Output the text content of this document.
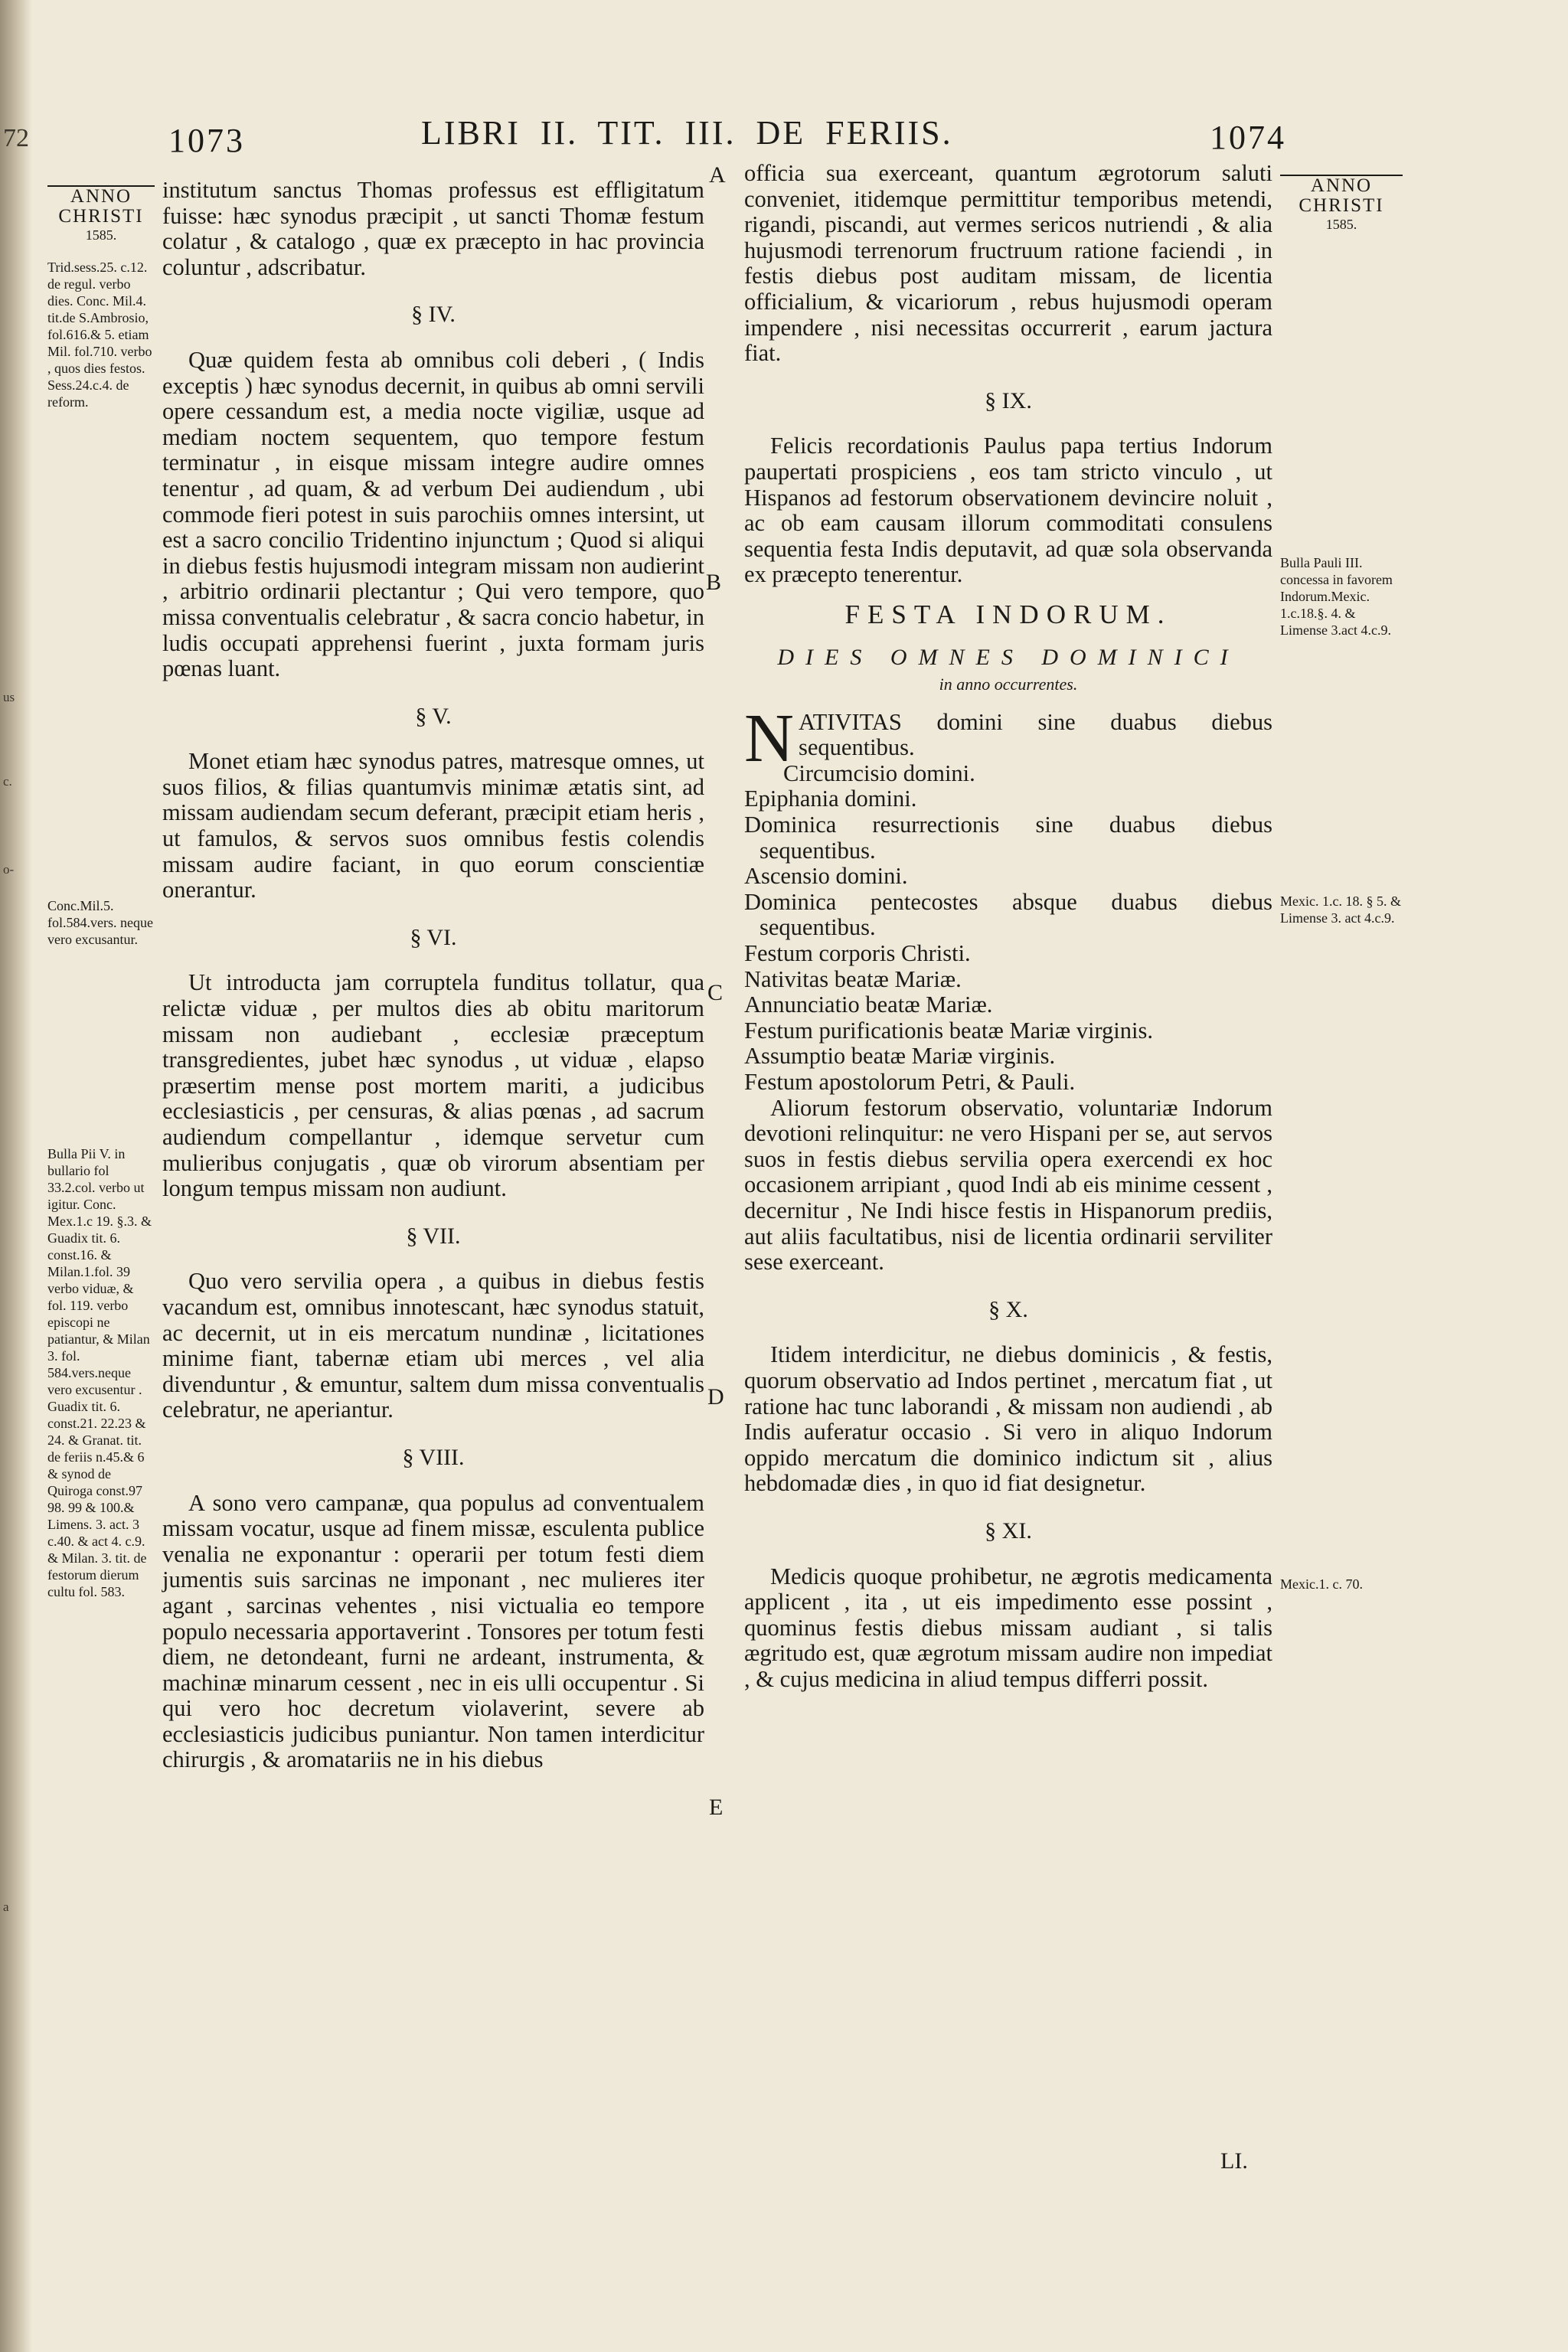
72
us
c.
o-
a
1073	LIBRI II. TIT. III. DE FERIIS.	1074
ANNO
CHRISTI
1585.
Trid.sess.25. c.12. de regul. verbo dies. Conc. Mil.4. tit.de S.Ambrosio, fol.616.& 5. etiam Mil. fol.710. verbo , quos dies festos. Sess.24.c.4. de reform.
Conc.Mil.5. fol.584.vers. neque vero excusantur.
Bulla Pii V. in bullario fol 33.2.col. verbo ut igitur. Conc. Mex.1.c 19. §.3. & Guadix tit. 6. const.16. & Milan.1.fol. 39 verbo viduæ, & fol. 119. verbo episcopi ne patiantur, & Milan 3. fol. 584.vers.neque vero excusentur . Guadix tit. 6. const.21. 22.23 & 24. & Granat. tit. de feriis n.45.& 6 & synod de Quiroga const.97 98. 99 & 100.& Limens. 3. act. 3 c.40. & act 4. c.9. & Milan. 3. tit. de festorum dierum cultu fol. 583.
ANNO
CHRISTI
1585.
Bulla Pauli III. concessa in favorem Indorum.Mexic. 1.c.18.§. 4. & Limense 3.act 4.c.9.
Mexic. 1.c. 18. § 5. & Limense 3. act 4.c.9.
Mexic.1. c. 70.
A
B
C
D
E

institutum sanctus Thomas professus est effligitatum fuisse: hæc synodus præcipit , ut sancti Thomæ festum colatur , & catalogo , quæ ex præcepto in hac provincia coluntur , adscribatur.

§ IV.

Quæ quidem festa ab omnibus coli deberi , ( Indis exceptis ) hæc synodus decernit, in quibus ab omni servili opere cessandum est, a media nocte vigiliæ, usque ad mediam noctem sequentem, quo tempore festum terminatur , in eisque missam integre audire omnes tenentur , ad quam, & ad verbum Dei audiendum , ubi commode fieri potest in suis parochiis omnes intersint, ut est a sacro concilio Tridentino injunctum ; Quod si aliqui in diebus festis hujusmodi integram missam non audierint , arbitrio ordinarii plectantur ; Qui vero tempore, quo missa conventualis celebratur , & sacra concio habetur, in ludis occupati apprehensi fuerint , juxta formam juris pœnas luant.

§ V.

Monet etiam hæc synodus patres, matresque omnes, ut suos filios, & filias quantumvis minimæ ætatis sint, ad missam audiendam secum deferant, præcipit etiam heris , ut famulos, & servos suos omnibus festis colendis missam audire faciant, in quo eorum conscientiæ onerantur.

§ VI.

Ut introducta jam corruptela funditus tollatur, qua relictæ viduæ , per multos dies ab obitu maritorum missam non audiebant , ecclesiæ præceptum transgredientes, jubet hæc synodus , ut viduæ , elapso præsertim mense post mortem mariti, a judicibus ecclesiasticis , per censuras, & alias pœnas , ad sacrum audiendum compellantur , idemque servetur cum mulieribus conjugatis , quæ ob virorum absentiam per longum tempus missam non audiunt.

§ VII.

Quo vero servilia opera , a quibus in diebus festis vacandum est, omnibus innotescant, hæc synodus statuit, ac decernit, ut in eis mercatum nundinæ , licitationes minime fiant, tabernæ etiam ubi merces , vel alia divenduntur , & emuntur, saltem dum missa conventualis celebratur, ne aperiantur.

§ VIII.

A sono vero campanæ, qua populus ad conventualem missam vocatur, usque ad finem missæ, esculenta publice venalia ne exponantur : operarii per totum festi diem jumentis suis sarcinas ne imponant , nec mulieres iter agant , sarcinas vehentes , nisi victualia eo tempore populo necessaria apportaverint . Tonsores per totum festi diem, ne detondeant, furni ne ardeant, instrumenta, & machinæ minarum cessent , nec in eis ulli occupentur . Si qui vero hoc decretum violaverint, severe ab ecclesiasticis judicibus puniantur. Non tamen interdicitur chirurgis , & aromatariis ne in his diebus

officia sua exerceant, quantum ægrotorum saluti conveniet, itidemque permittitur temporibus metendi, rigandi, piscandi, aut vermes sericos nutriendi , & alia hujusmodi terrenorum fructruum ratione faciendi , in festis diebus post auditam missam, de licentia officialium, & vicariorum , rebus hujusmodi operam impendere , nisi necessitas occurrerit , earum jactura fiat.

§ IX.

Felicis recordationis Paulus papa tertius Indorum paupertati prospiciens , eos tam stricto vinculo , ut Hispanos ad festorum observationem devincire noluit , ac ob eam causam illorum commoditati consulens sequentia festa Indis deputavit, ad quæ sola observanda ex præcepto tenerentur.

FESTA INDORUM.
DIES OMNES DOMINICI
in anno occurrentes.

NATIVITAS domini sine duabus diebus sequentibus.

Circumcisio domini.

Epiphania domini.

Dominica resurrectionis sine duabus diebus sequentibus.

Ascensio domini.

Dominica pentecostes absque duabus diebus sequentibus.

Festum corporis Christi.

Nativitas beatæ Mariæ.

Annunciatio beatæ Mariæ.

Festum purificationis beatæ Mariæ virginis.

Assumptio beatæ Mariæ virginis.

Festum apostolorum Petri, & Pauli.

Aliorum festorum observatio, voluntariæ Indorum devotioni relinquitur: ne vero Hispani per se, aut servos suos in festis diebus servilia opera exercendi ex hoc occasionem arripiant , quod Indi ab eis minime cessent , decernitur , Ne Indi hisce festis in Hispanorum prediis, aut aliis facultatibus, nisi de licentia ordinarii serviliter sese exerceant.

§ X.

Itidem interdicitur, ne diebus dominicis , & festis, quorum observatio ad Indos pertinet , mercatum fiat , ut ratione hac tunc laborandi , & missam non audiendi , ab Indis auferatur occasio . Si vero in aliquo Indorum oppido mercatum die dominico indictum sit , alius hebdomadæ dies , in quo id fiat designetur.

§ XI.

Medicis quoque prohibetur, ne ægrotis medicamenta applicent , ita , ut eis impedimento esse possint , quominus festis diebus missam audiant , si talis ægritudo est, quæ ægrotum missam audire non impediat , & cujus medicina in aliud tempus differri possit.

LI.
